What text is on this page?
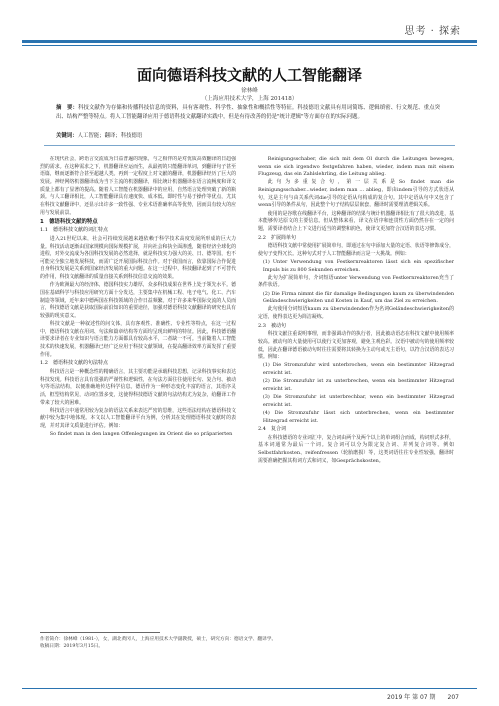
思考 · 探索
面向德语科技文献的人工智能翻译
徐林峰
（上海应用技术大学，上海 201418）
摘　要：科技文献作为存储和传播科技信息的资料，具有客观性、科学性、抽象性和概括性等特征。科技德语文献具有用词简练、逻辑缜密、行文规范、重点突出、结构严整等特点。将人工智能翻译应用于德语科技文献翻译实践中，但是有待改善的仍是"统计逻辑"等方面存在的实际问题。
关键词：人工智能；翻译；科技德语

在现代社会，跨语言交流成为日益普遍的现象，与之相伴的是对优质高效翻译的日趋强烈的需求。在这种需求之下，机器翻译应运而生，从最初的只能翻译单词，到翻译句子甚至语篇，继而逐渐符合甚至超越人类。再到一定程度上对文献的翻译，机器翻译经历了巨大的发展。神经网络机器翻译成为当下主流的机器翻译，相比统计机器翻译在语言流畅度和译文质量上都有了显著的提高。随着人工智能在机器翻译中的应用，自然语言处理突破了新的瓶颈。与人工翻译相比，人工智能翻译具有速度快、成本低、即时性与易于操作等优点，尤其在科技文献翻译中，还显示出许多一致性强、专业术语准确率高等优势，因而具有较大的应用与发展前景。

1　德语科技文献的特点
1.1　德语科技文献的词汇特点

进入21世纪以来，社会可持续发展越来越依赖于科学技术高度发展所形成的巨大力量。科技活动逐渐由国家规模向国际规模扩展，并向社会和执全面渗透，随着经济全球化的进程，对外交流成为各国科技发展的必然选择，就是科技实力强大的美、日、德等国，也不可能完全独立地发展科技，而需广泛开展国际科技合作。对于我国而言，依靠国际合作促进自身科技发展是关系到国家经济发展的重大问题。在这一过程中，科技翻译起到了不可替代的作用，科技文献翻译的质量直接关系到科技信息交流的效果。

作为欧洲最大的经济体，德国科技实力雄厚，众多科技成果在世界上处于领先水平。德国在基础科学与科技应用研究方面十分发达，主要集中在机械工程、电子电气、化工、汽车制造等领域，近年来中德两国在科技领域的合作日益频繁。对于许多来华国际交流的人员而言，科技德语文献是获取国际前沿知识的重要途径，加强对德语科技文献翻译的研究也具有较强的现实意义。

科技文献是一种叙述性的问文体，具有客观性、准确性、专业性等特点，在这一过程中，德语科技文献在用词、句法和篇章结构等方面均呈现出鲜明的特征。因此，科技德语翻译要求译者在专业知识与语言能力方面都具有较高水平，二者缺一不可。当前随着人工智能技术的快速发展，机器翻译已经广泛应用于科技文献领域，在提高翻译效率方面发挥了重要作用。

1.2　德语科技文献的句法特点

科技语言是一种概念性的精确语言，其主要功能是承载科技思想，记录科技事实和表达科技发现。科技语言具有很强的严谨性和逻辑性，在句法方面往往使用长句、复合句、被动句等语法结构，以便准确地传达科学信息。德语作为一种形态变化丰富的语言，其语序灵活，框型结构常见，动词位置多变，这使得科技德语文献的句法结构尤为复杂，给翻译工作带来了较大的困难。

科技语言中通常用较为复杂的语法关系来表达严密的思维，这些语法结构在德语科技文献中较为集中地体现。本文以人工智能翻译平台为例，分析其在处理德语科技文献时的表现，并对其译文质量进行评估。例如：

So findet man in den langen Offenlegungen im Orient die so präparierten

Reinigungsschaber, die sich mit dem Öl durch die Leitungen bewegen, wenn sie sich irgendwo festgefahren haben, wieder, indem man mit einem Flugzeug, das ein Zahlslehrling, die Leitung ablieg.

此句为多重复合句，第一层关系是So findet man die Reinigungsschaber...wieder, indem man ... ablieg，即由indem引导的方式状语从句，这是主句与由关系代词die引导的定语从句构成的复合句。其中定语从句中又包含了wenn引导的条件从句，因此整个句子结构层层嵌套，翻译时需要理清逻辑关系。

使用的是谷歌在线翻译平台，这种翻译的结果与统计机器翻译相比有了很大的改进，基本能够传达原文的主要信息。但从整体来看，译文在语序和连贯性方面仍然存在一定的问题，需要译者结合上下文进行适当的调整和润色，使译文更加符合汉语的表达习惯。

2.2　扩展简单句

德语科技文献中常使用扩展简单句，即通过在句中添加大量的定语、状语等修饰成分，使句子变得冗长。这种句式对于人工智能翻译而言是一大挑战。例如：

(1) Unter Verwendung von Festkernreaktoren lässt sich ein spezifischer Impuls bis zu 800 Sekunden erreichen.

此句为扩展简单句，介词短语unter Verwendung von Festkernreaktoren充当了条件状语。

(2) Die Firma nimmt die für damalige Bedingungen kaum zu überwindenden Geländeschwierigkeiten und Kosten in Kauf, um das Ziel zu erreichen.

此句使用分词短语kaum zu überwindenden作为名词Geländeschwierigkeiten的定语，使得表达更为简洁凝练。

2.3　被动句

科技文献注重说明事理，而非强调动作的执行者，因此被动语态在科技文献中使用频率较高。被动句的大量使用可以使行文更加客观，避免主观色彩。汉语中被动句的使用频率较低，因此在翻译德语被动句时往往需要将其转换为主动句或无主语句，以符合汉语的表达习惯。例如：

(1) Die Stromzufuhr wird unterbrochen, wenn ein bestimmter Hitzegrad erreicht ist.

(2) Die Stromzufuhr ist zu unterbrechen, wenn ein bestimmter Hitzegrad erreicht ist.

(3) Die Stromzufuhr ist unterbrechbar, wenn ein bestimmter Hitzegrad erreicht ist.

(4) Die Stromzufuhr lässt sich unterbrechen, wenn ein bestimmter Hitzegrad erreicht ist.

2.4　复合词

在科技德语的专业词汇中，复合词由两个及两个以上的单词组合而成，构词形式多样，基本词通常为最后一个词。复合词可以分为限定复合词、并列复合词等。例如Selbstfahrkosten、reifenfressen（轮胎磨损）等，这类词语往往专业性较强，翻译时需要准确把握其构词方式和词义，如Gesprächskosten。

作者简介：徐林峰（1981-），女，湖北黄冈人，上海应用技术大学副教授，硕士，研究方向：德语文学、翻译学。
收稿日期：2019年3月15日。
2019 年 第 07 期 207
